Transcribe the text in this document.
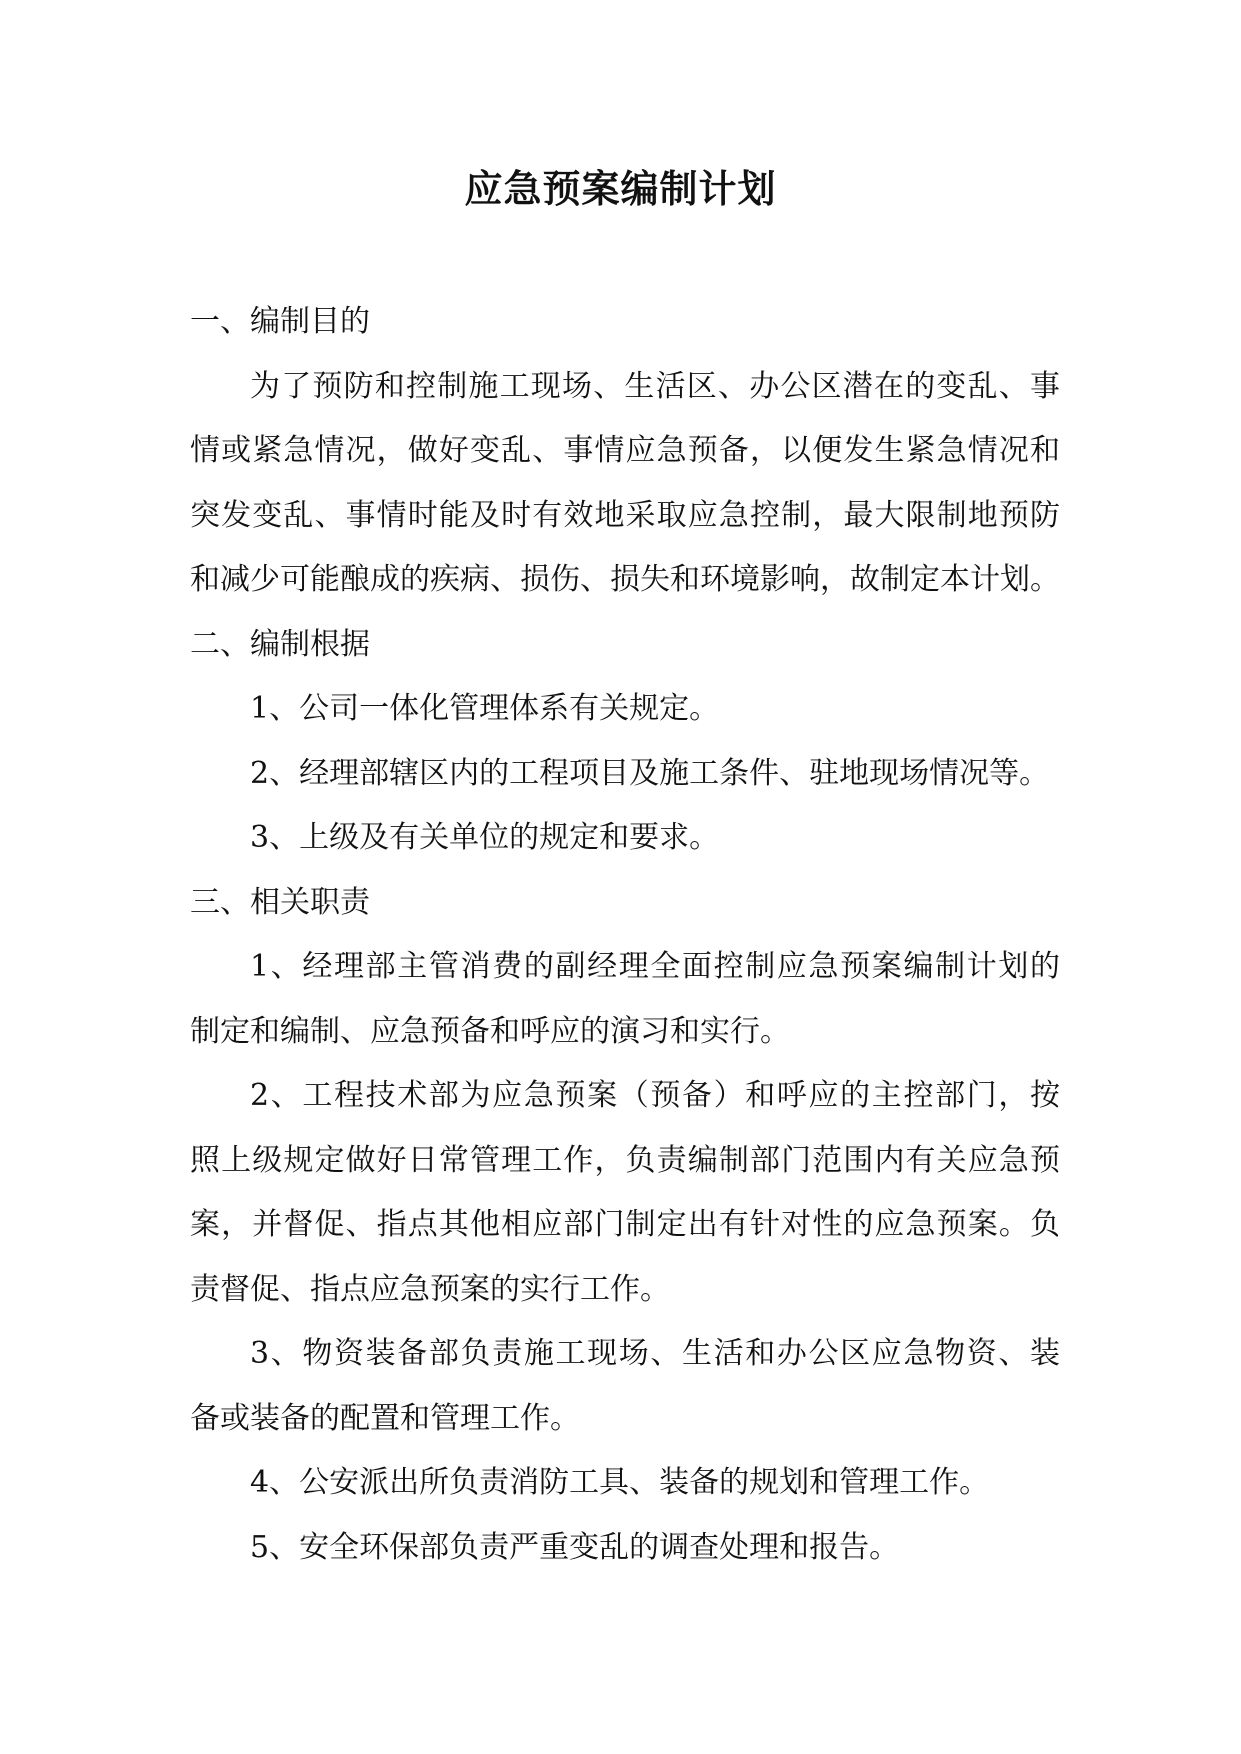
应急预案编制计划
一、编制目的
为了预防和控制施工现场、生活区、办公区潜在的变乱、事
情或紧急情况，做好变乱、事情应急预备，以便发生紧急情况和
突发变乱、事情时能及时有效地采取应急控制，最大限制地预防
和减少可能酿成的疾病、损伤、损失和环境影响，故制定本计划。
二、编制根据
1、公司一体化管理体系有关规定。
2、经理部辖区内的工程项目及施工条件、驻地现场情况等。
3、上级及有关单位的规定和要求。
三、相关职责
1、经理部主管消费的副经理全面控制应急预案编制计划的
制定和编制、应急预备和呼应的演习和实行。
2、工程技术部为应急预案（预备）和呼应的主控部门，按
照上级规定做好日常管理工作，负责编制部门范围内有关应急预
案，并督促、指点其他相应部门制定出有针对性的应急预案。负
责督促、指点应急预案的实行工作。
3、物资装备部负责施工现场、生活和办公区应急物资、装
备或装备的配置和管理工作。
4、公安派出所负责消防工具、装备的规划和管理工作。
5、安全环保部负责严重变乱的调查处理和报告。
